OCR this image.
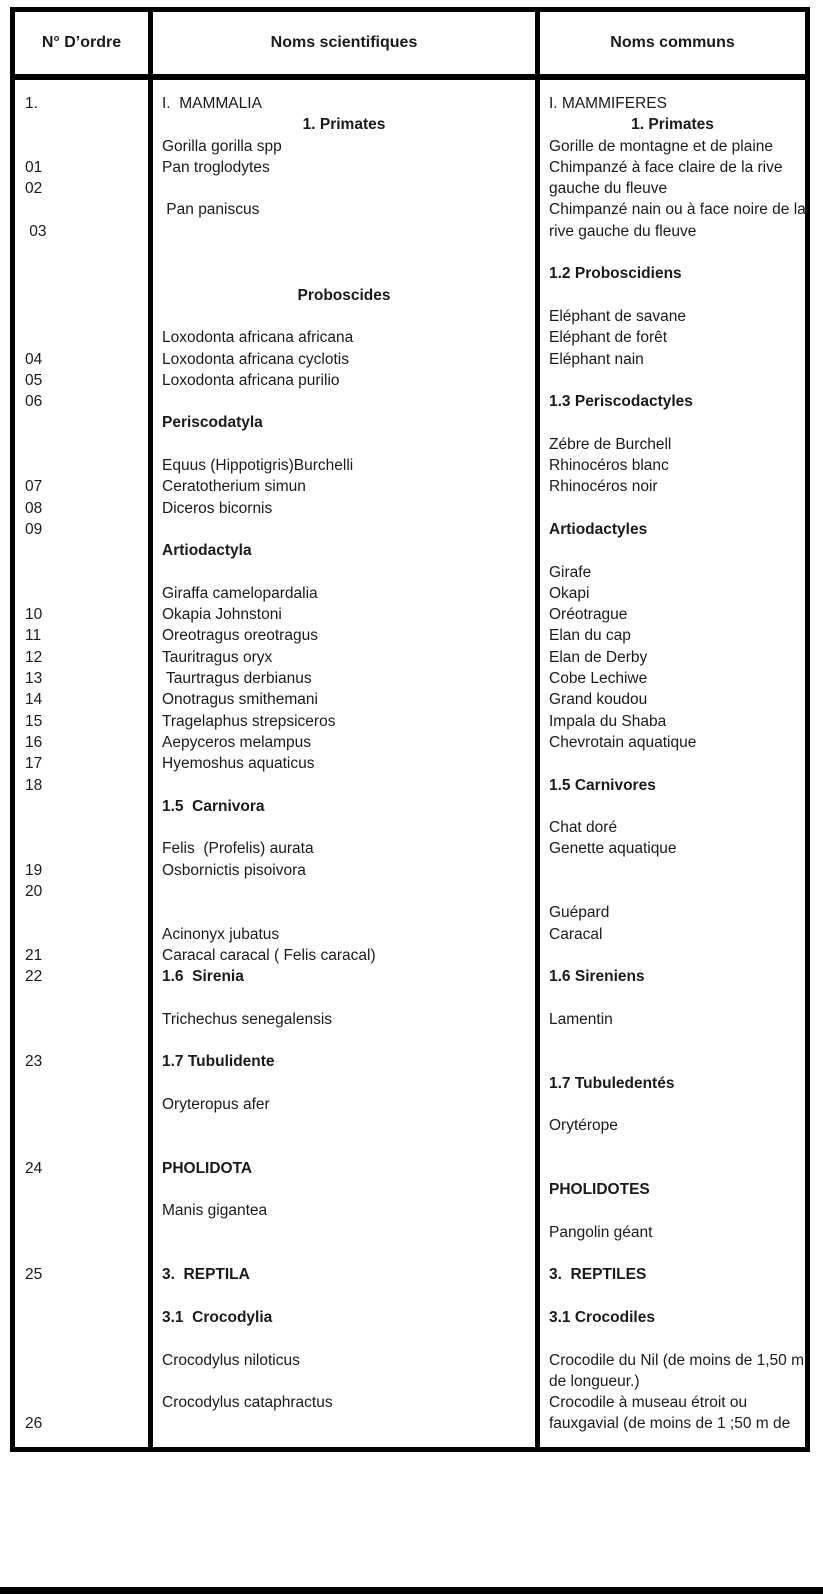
N° D’ordre	Noms scientifiques	Noms communs
1.
01
02
03
04
05
06
07
08
09
10
11
12
13
14
15
16
17
18
19
20
21
22
23
24
25
26
I.  MAMMALIA
1. Primates
Gorilla gorilla spp
Pan troglodytes
Pan paniscus
Proboscides
Loxodonta africana africana
Loxodonta africana cyclotis
Loxodonta africana purilio
Periscodatyla
Equus (Hippotigris)Burchelli
Ceratotherium simun
Diceros bicornis
Artiodactyla
Giraffa camelopardalia
Okapia Johnstoni
Oreotragus oreotragus
Tauritragus oryx
Taurtragus derbianus
Onotragus smithemani
Tragelaphus strepsiceros
Aepyceros melampus
Hyemoshus aquaticus
1.5  Carnivora
Felis  (Profelis) aurata
Osbornictis pisoivora
Acinonyx jubatus
Caracal caracal ( Felis caracal)
1.6  Sirenia
Trichechus senegalensis
1.7 Tubulidente
Oryteropus afer
PHOLIDOTA
Manis gigantea
3.  REPTILA
3.1  Crocodylia
Crocodylus niloticus
Crocodylus cataphractus
I. MAMMIFERES
1. Primates
Gorille de montagne et de plaine
Chimpanzé à face claire de la rive
gauche du fleuve
Chimpanzé nain ou à face noire de la
rive gauche du fleuve
1.2 Proboscidiens
Eléphant de savane
Eléphant de forêt
Eléphant nain
1.3 Periscodactyles
Zébre de Burchell
Rhinocéros blanc
Rhinocéros noir
Artiodactyles
Girafe
Okapi
Oréotrague
Elan du cap
Elan de Derby
Cobe Lechiwe
Grand koudou
Impala du Shaba
Chevrotain aquatique
1.5 Carnivores
Chat doré
Genette aquatique
Guépard
Caracal
1.6 Sireniens
Lamentin
1.7 Tubuledentés
Orytérope
PHOLIDOTES
Pangolin géant
3.  REPTILES
3.1 Crocodiles
Crocodile du Nil (de moins de 1,50 m
de longueur.)
Crocodile à museau étroit ou
fauxgavial (de moins de 1 ;50 m de
